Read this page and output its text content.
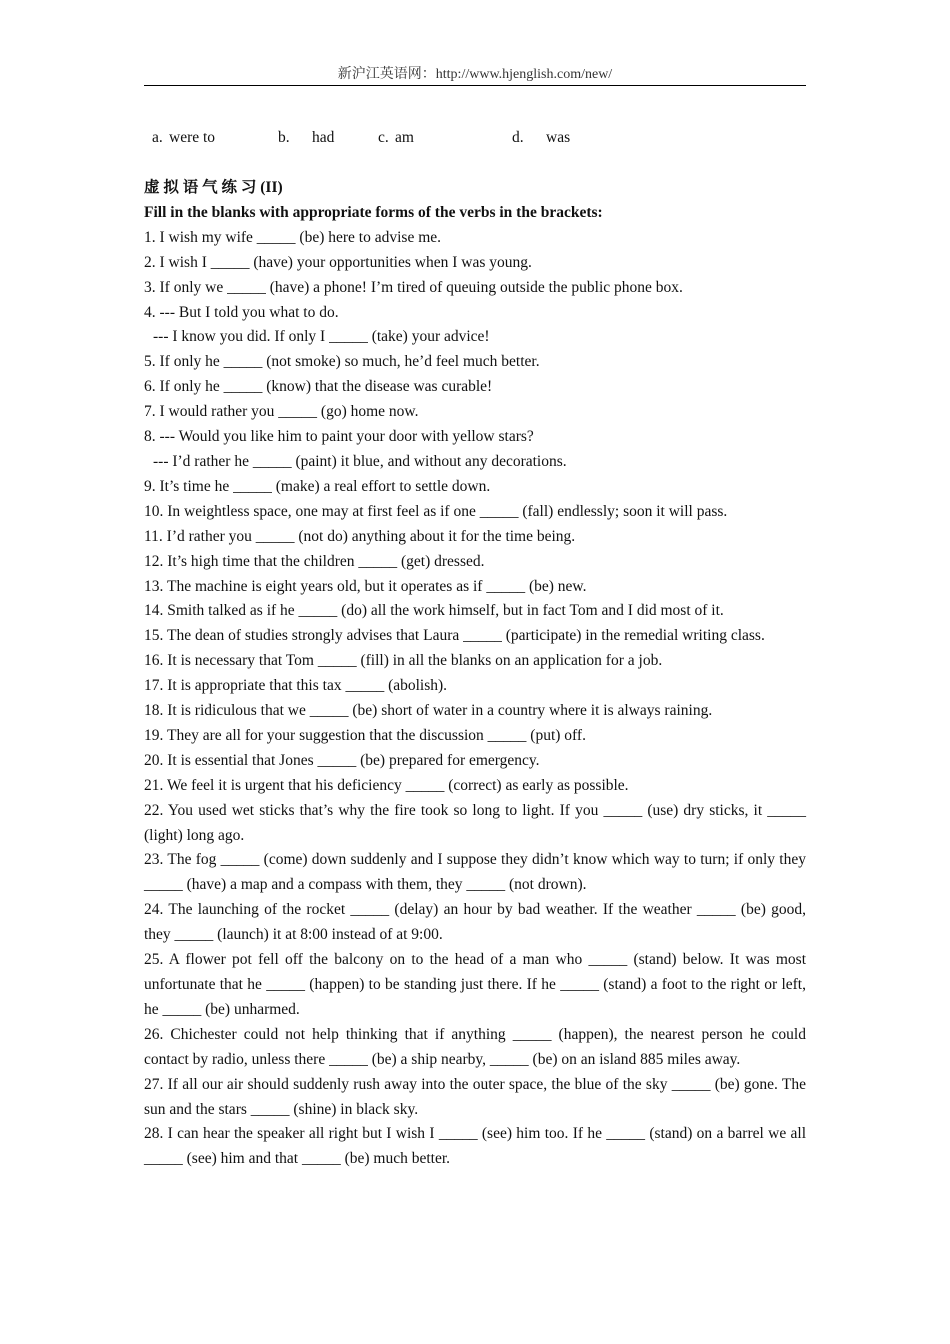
新沪江英语网：http://www.hjenglish.com/new/
a. were to	b. had	c. am	d. was
虚 拟 语 气 练 习 (II)
Fill in the blanks with appropriate forms of the verbs in the brackets:
1. I wish my wife _____ (be) here to advise me.
2. I wish I _____ (have) your opportunities when I was young.
3. If only we _____ (have) a phone! I’m tired of queuing outside the public phone box.
4. --- But I told you what to do.
--- I know you did. If only I _____ (take) your advice!
5. If only he _____ (not smoke) so much, he’d feel much better.
6. If only he _____ (know) that the disease was curable!
7. I would rather you _____ (go) home now.
8. --- Would you like him to paint your door with yellow stars?
--- I’d rather he _____ (paint) it blue, and without any decorations.
9. It’s time he _____ (make) a real effort to settle down.
10. In weightless space, one may at first feel as if one _____ (fall) endlessly; soon it will pass.
11. I’d rather you _____ (not do) anything about it for the time being.
12. It’s high time that the children _____ (get) dressed.
13. The machine is eight years old, but it operates as if _____ (be) new.
14. Smith talked as if he _____ (do) all the work himself, but in fact Tom and I did most of it.
15. The dean of studies strongly advises that Laura _____ (participate) in the remedial writing class.
16. It is necessary that Tom _____ (fill) in all the blanks on an application for a job.
17. It is appropriate that this tax _____ (abolish).
18. It is ridiculous that we _____ (be) short of water in a country where it is always raining.
19. They are all for your suggestion that the discussion _____ (put) off.
20. It is essential that Jones _____ (be) prepared for emergency.
21. We feel it is urgent that his deficiency _____ (correct) as early as possible.
22. You used wet sticks that’s why the fire took so long to light. If you _____ (use) dry sticks, it _____ (light) long ago.
23. The fog _____ (come) down suddenly and I suppose they didn’t know which way to turn; if only they _____ (have) a map and a compass with them, they _____ (not drown).
24. The launching of the rocket _____ (delay) an hour by bad weather. If the weather _____ (be) good, they _____ (launch) it at 8:00 instead of at 9:00.
25. A flower pot fell off the balcony on to the head of a man who _____ (stand) below. It was most unfortunate that he _____ (happen) to be standing just there. If he _____ (stand) a foot to the right or left, he _____ (be) unharmed.
26. Chichester could not help thinking that if anything _____ (happen), the nearest person he could contact by radio, unless there _____ (be) a ship nearby, _____ (be) on an island 885 miles away.
27. If all our air should suddenly rush away into the outer space, the blue of the sky _____ (be) gone. The sun and the stars _____ (shine) in black sky.
28. I can hear the speaker all right but I wish I _____ (see) him too. If he _____ (stand) on a barrel we all _____ (see) him and that _____ (be) much better.
